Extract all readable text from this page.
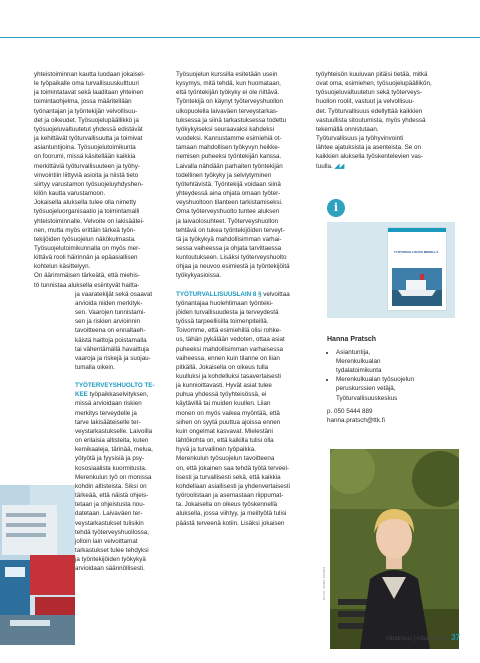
yhteistoiminnan kautta luodaan jokaisel-
le työpaikalle oma turvallisuuskulttuuri
ja toimintatavat sekä laaditaan yhteinen
toimintaohjelma, jossa määritellään
työnantajan ja työntekijän velvollisuu-
det ja oikeudet. Työsuojelupäällikkö ja
työsuojeluvaltuutetut yhdessä edistävät
ja kehittävät työturvallisuutta ja toimivat
asiantuntijoina. Työsuojelutoimikunta
on foorumi, missä käsitellään kaikkia
merkittäviä työturvallisuuteen ja työhy-
vinvointiin liittyviä asioita ja niistä tieto
siirtyy varustamon työsuojeluyhdyshen-
kilön kautta varustamoon.

Jokaisella aluksella tulee olla nimetty
työsuojeluorganisaatio ja toimintamalli
yhteistoiminnalle. Velvoite on lakisäätei-
nen, mutta myös erittäin tärkeä työn-
tekijöiden työsuojelun näkökulmasta.
Työsuojelutoimikunnalla on myös mer-
kittävä rooli häirinnän ja epäasiallisen
kohtelun käsittelyyn.

On äärimmäisen tärkeätä, että miehis-
tö tunnistaa aluksella esiintyvät haitta-

ja vaaratekijät sekä osaavat
arvioida niiden merkityk-
sen. Vaarojen tunnistami-
sen ja riskien arvioinnin
tavoitteena on ennaltaeh-
käistä haittoja poistamalla
tai vähentämällä havaittuja
vaaroja ja riskejä ja suojau-
tumalla oikein.

TYÖTERVEYSHUOLTO TE-
KEE työpaikkaselvityksen,
missä arvioidaan riskien
merkitys terveydelle ja
tarve lakisääteiselle ter-
veystarkastukselle. Laivoilla
on erilaisia altisteita, kuten
kemikaaleja, tärinää, melua,
yötyötä ja fyysisiä ja psy-
kososiaalista kuormitusta.
Merenkulun työ on monissa
kohdin altisteista. Siksi on
tärkeää, että näistä ohjeis-
tetaan ja ohjeistusta nou-
datetaan. Laivaväen ter-
veystarkastukset tulisikin
tehdä työterveyshuollossa,
jolloin lain velvoittamat
tarkastukset tulee tehdyksi
ja työntekijöiden työkykyä
arvioidaan säännöllisesti.

Työsuojelun kurssilla esitetään usein
kysymys, mitä tehdä, kun huomataan,
että työntekijän työkyky ei ole riittävä.
Työntekijä on käynyt työterveyshuollon
ulkopuolella laivaväen terveystarkas-
tuksessa ja siinä tarkastuksessa todettu
työkykyiseksi seuraavaksi kahdeksi
vuodeksi. Kannustamme esimiehiä ot-
tamaan mahdollisen työkyvyn heikke-
nemisen puheeksi työntekijän kanssa.
Laivalla nähdään parhaiten työntekijän
todellinen työkyky ja selviytyminen
työtehtävistä. Työntekijä voidaan siinä
yhteydessä aina ohjata omaan työter-
veyshuoltoon tilanteen tarkistamiseksi.
Oma työterveyshuolto tuntee aluksen
ja laivaolosuhteet. Työterveyshuollon
tehtävä on tukea työntekijöiden terveyt-
tä ja työkykyä mahdollisimman varhai-
sessa vaiheessa ja ohjata tarvittaessa
kuntoutukseen. Lisäksi työterveyshuolto
ohjaa ja neuvoo esimiestä ja työntekijöitä
työkykyasioissa.

TYÖTURVALLISUUSLAIN 8 § velvoittaa
työnantajaa huolehtimaan työnteki-
jöiden turvallisuudesta ja terveydestä
työssä tarpeellisilla toimenpiteillä.
Toivomme, että esimiehillä olisi rohke-
us, tähän pykälään vedoten, ottaa asiat
puheeksi mahdollisimman varhaisessa
vaiheessa, ennen kuin tilanne on liian
pitkällä. Jokaisella on oikeus tulla
kuulluksi ja kohdelluksi tasavertaisesti
ja kunnioittavasti. Hyvät asiat tulee
puhua yhdessä työyhteisössä, ei
käytävillä tai muiden kuullen. Liian
monen on myös vaikea myöntää, että
siihen on syytä puuttua ajoissa ennen
kuin ongelmat kasvavat. Mielestäni
lähtökohta on, että kaikilla tulisi olla
hyvä ja turvallinen työpaikka.

Merenkulun työsuojelun tavoitteena
on, että jokainen saa tehdä työtä terveel-
lisesti ja turvallisesti sekä, että kaikkia
kohdellaan asiallisesti ja yhdenvertaisesti
työroolistaan ja asemastaan riippumat-
ta. Jokaisella on oikeus työskennellä
aluksella, jossa viihtyy, ja meiltyötä tulisi
päästä terveenä kotiin. Lisäksi jokaisen

työyhteisön kuuluvan pitäisi tietää, mitkä
ovat oma, esimiehen, työsuojelupäällikön,
työsuojeluvaltuutetun sekä työterveys-
huollon roolit, vastuut ja velvollisuu-
det. Työturvallisuus edellyttää kaikkien
vastuullista sitoutumista, myös yhdessä
tekemällä onnistutaan.

Työturvallisuus ja työhyvinvointi
lähtee ajatuksista ja asenteista. Se on
kaikkien aluksella työskentelevien vas-
tuulla. ◢◢

i
TYÖTURVALLISUUS MERELLÄ
Hanna Pratsch
• Asiantuntija,
Merenkulkualan
tydalatoimikunta
• Merenkulkualan työsuojelun
peruskurssien vetäjä,
Työturvallisuuskeskus
p. 050 5444 889
hanna.pratsch@ttk.fi
KUVA: ANNE SIRKIÄ
Albatrossi | Albatrossen 37
